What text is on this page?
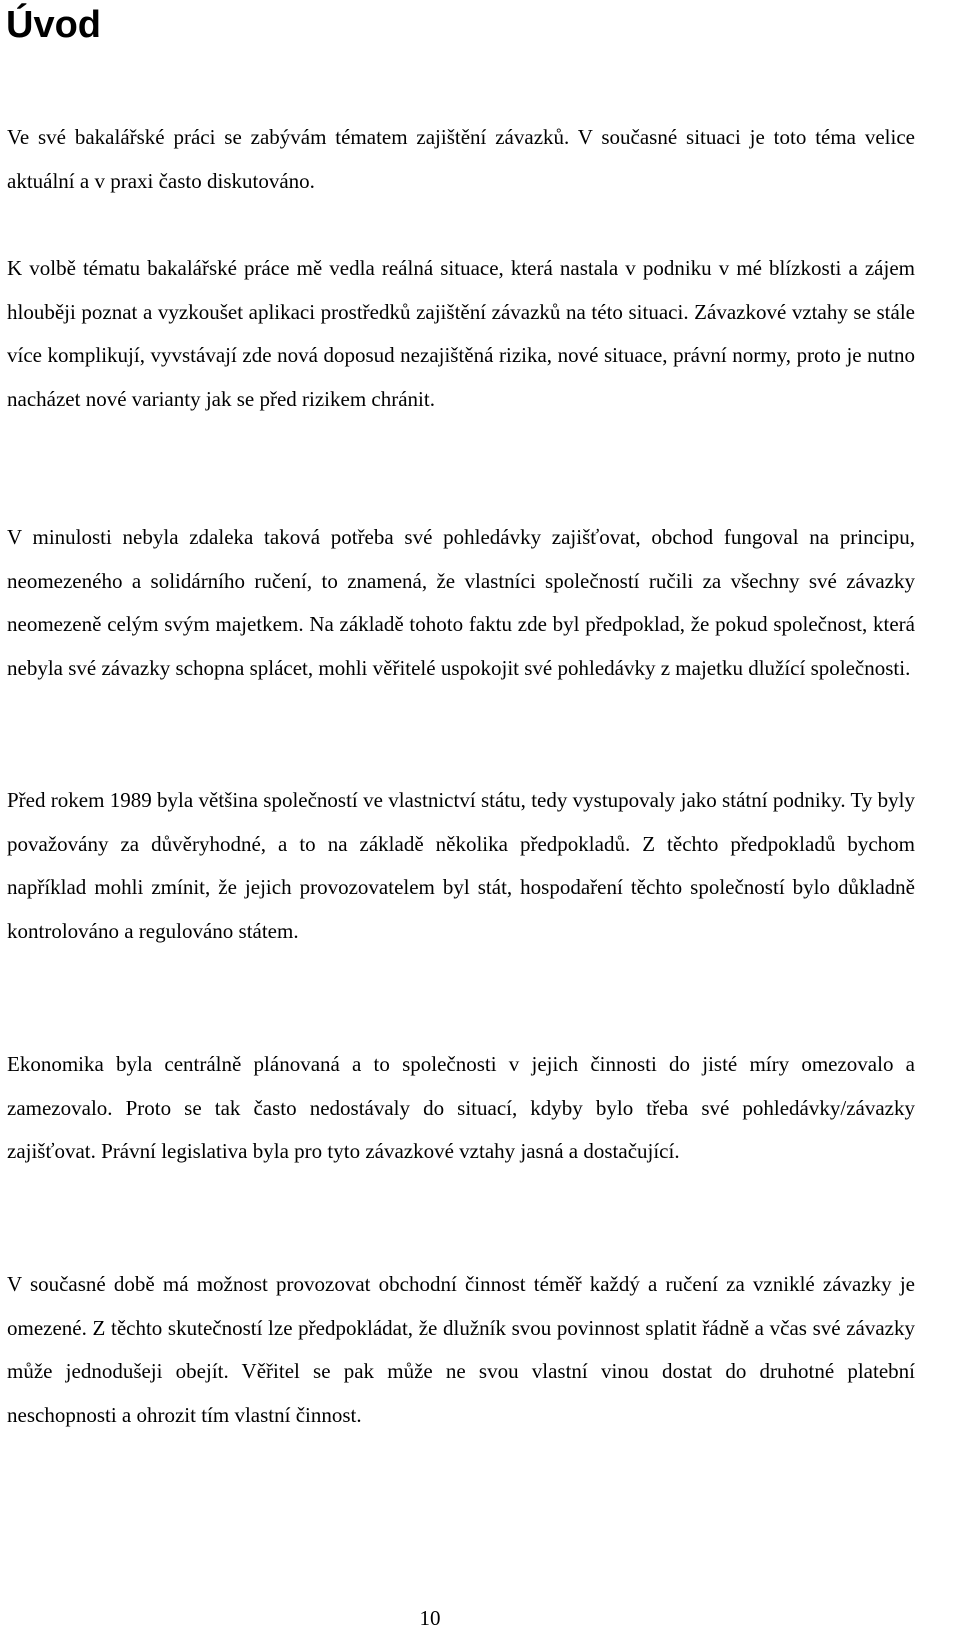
Úvod

Ve své bakalářské práci se zabývám tématem zajištění závazků. V současné situaci je toto téma velice aktuální a v praxi často diskutováno.

K volbě tématu bakalářské práce mě vedla reálná situace, která nastala v podniku v mé blízkosti a zájem hlouběji poznat a vyzkoušet aplikaci prostředků zajištění závazků na této situaci. Závazkové vztahy se stále více komplikují, vyvstávají zde nová doposud nezajištěná rizika, nové situace, právní normy, proto je nutno nacházet nové varianty jak se před rizikem chránit.

V minulosti nebyla zdaleka taková potřeba své pohledávky zajišťovat, obchod fungoval na principu, neomezeného a solidárního ručení, to znamená, že vlastníci společností ručili za všechny své závazky neomezeně celým svým majetkem. Na základě tohoto faktu zde byl předpoklad, že pokud společnost, která nebyla své závazky schopna splácet, mohli věřitelé uspokojit své pohledávky z majetku dlužící společnosti.

Před rokem 1989 byla většina společností ve vlastnictví státu, tedy vystupovaly jako státní podniky. Ty byly považovány za důvěryhodné, a to na základě několika předpokladů. Z těchto předpokladů bychom například mohli zmínit, že jejich provozovatelem byl stát, hospodaření těchto společností bylo důkladně kontrolováno a regulováno státem.

Ekonomika byla centrálně plánovaná a to společnosti v jejich činnosti do jisté míry omezovalo a zamezovalo. Proto se tak často nedostávaly do situací, kdyby bylo třeba své pohledávky/závazky zajišťovat. Právní legislativa byla pro tyto závazkové vztahy jasná a dostačující.

V současné době má možnost provozovat obchodní činnost téměř každý a ručení za vzniklé závazky je omezené. Z těchto skutečností lze předpokládat, že dlužník svou povinnost splatit řádně a včas své závazky může jednodušeji obejít. Věřitel se pak může ne svou vlastní vinou dostat do druhotné platební neschopnosti a ohrozit tím vlastní činnost.

10
